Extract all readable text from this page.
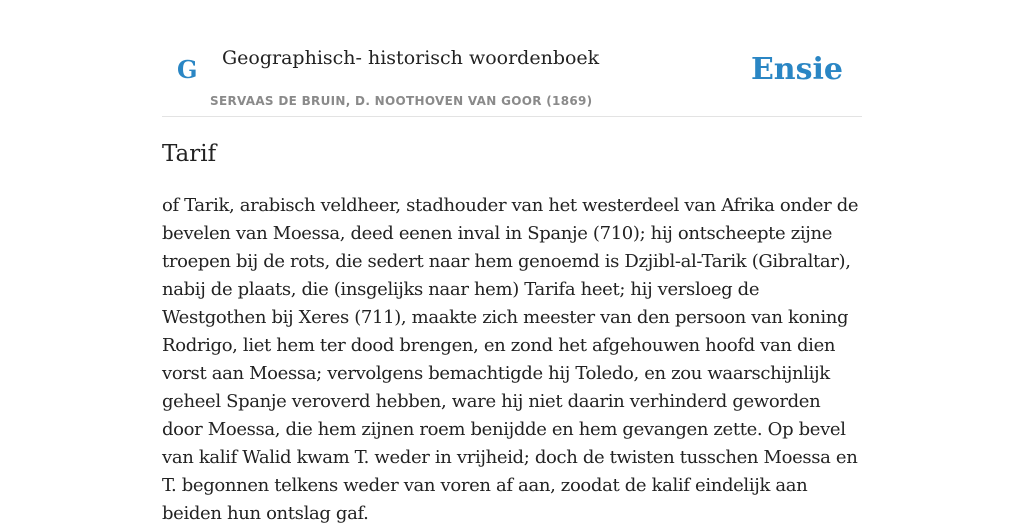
G Geographisch- historisch woordenboek
SERVAAS DE BRUIN, D. NOOTHOVEN VAN GOOR (1869)
Ensie
Tarif

of Tarik, arabisch veldheer, stadhouder van het westerdeel van Afrika onder de bevelen van Moessa, deed eenen inval in Spanje (710); hij ontscheepte zijne troepen bij de rots, die sedert naar hem genoemd is Dzjibl-al-Tarik (Gibraltar), nabij de plaats, die (insgelijks naar hem) Tarifa heet; hij versloeg de Westgothen bij Xeres (711), maakte zich meester van den persoon van koning Rodrigo, liet hem ter dood brengen, en zond het afgehouwen hoofd van dien vorst aan Moessa; vervolgens bemachtigde hij Toledo, en zou waarschijnlijk geheel Spanje veroverd hebben, ware hij niet daarin verhinderd geworden door Moessa, die hem zijnen roem benijdde en hem gevangen zette. Op bevel van kalif Walid kwam T. weder in vrijheid; doch de twisten tusschen Moessa en T. begonnen telkens weder van voren af aan, zoodat de kalif eindelijk aan beiden hun ontslag gaf.
